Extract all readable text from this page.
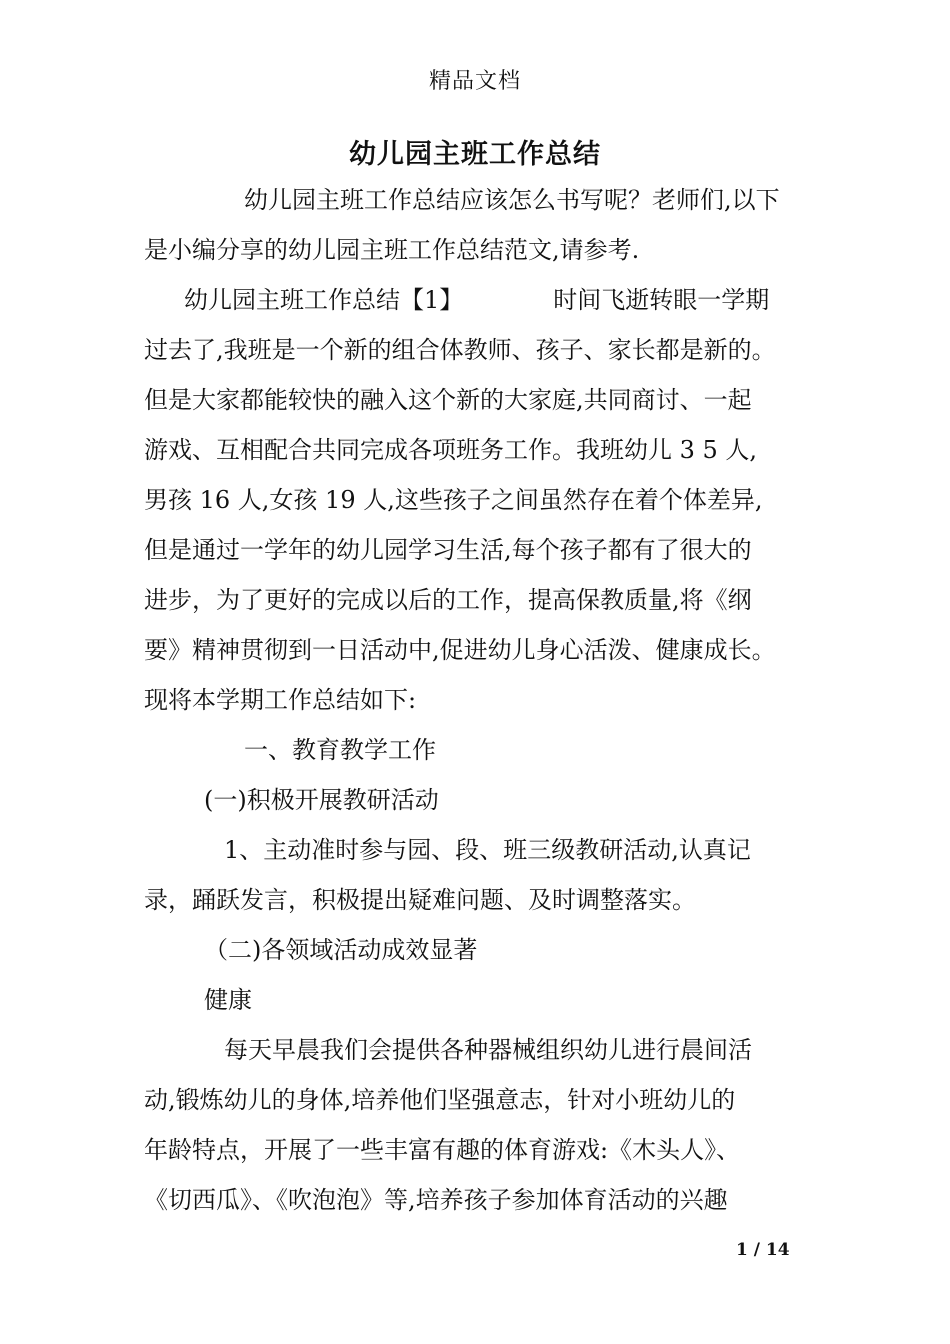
精品文档
幼儿园主班工作总结
幼儿园主班工作总结应该怎么书写呢？老师们,以下
是小编分享的幼儿园主班工作总结范文,请参考.
幼儿园主班工作总结【1】	时间飞逝转眼一学期
过去了,我班是一个新的组合体教师、孩子、家长都是新的。
但是大家都能较快的融入这个新的大家庭,共同商讨、一起
游戏、互相配合共同完成各项班务工作。我班幼儿 3 5 人,
男孩 16 人,女孩 19 人,这些孩子之间虽然存在着个体差异,
但是通过一学年的幼儿园学习生活,每个孩子都有了很大的
进步，为了更好的完成以后的工作，提高保教质量,将《纲
要》精神贯彻到一日活动中,促进幼儿身心活泼、健康成长。
现将本学期工作总结如下:
一、教育教学工作
(一)积极开展教研活动
1、主动准时参与园、段、班三级教研活动,认真记
录，踊跃发言，积极提出疑难问题、及时调整落实。
（二)各领域活动成效显著
健康
每天早晨我们会提供各种器械组织幼儿进行晨间活
动,锻炼幼儿的身体,培养他们坚强意志，针对小班幼儿的
年龄特点，开展了一些丰富有趣的体育游戏:《木头人》、
《切西瓜》、《吹泡泡》等,培养孩子参加体育活动的兴趣
1 / 14
